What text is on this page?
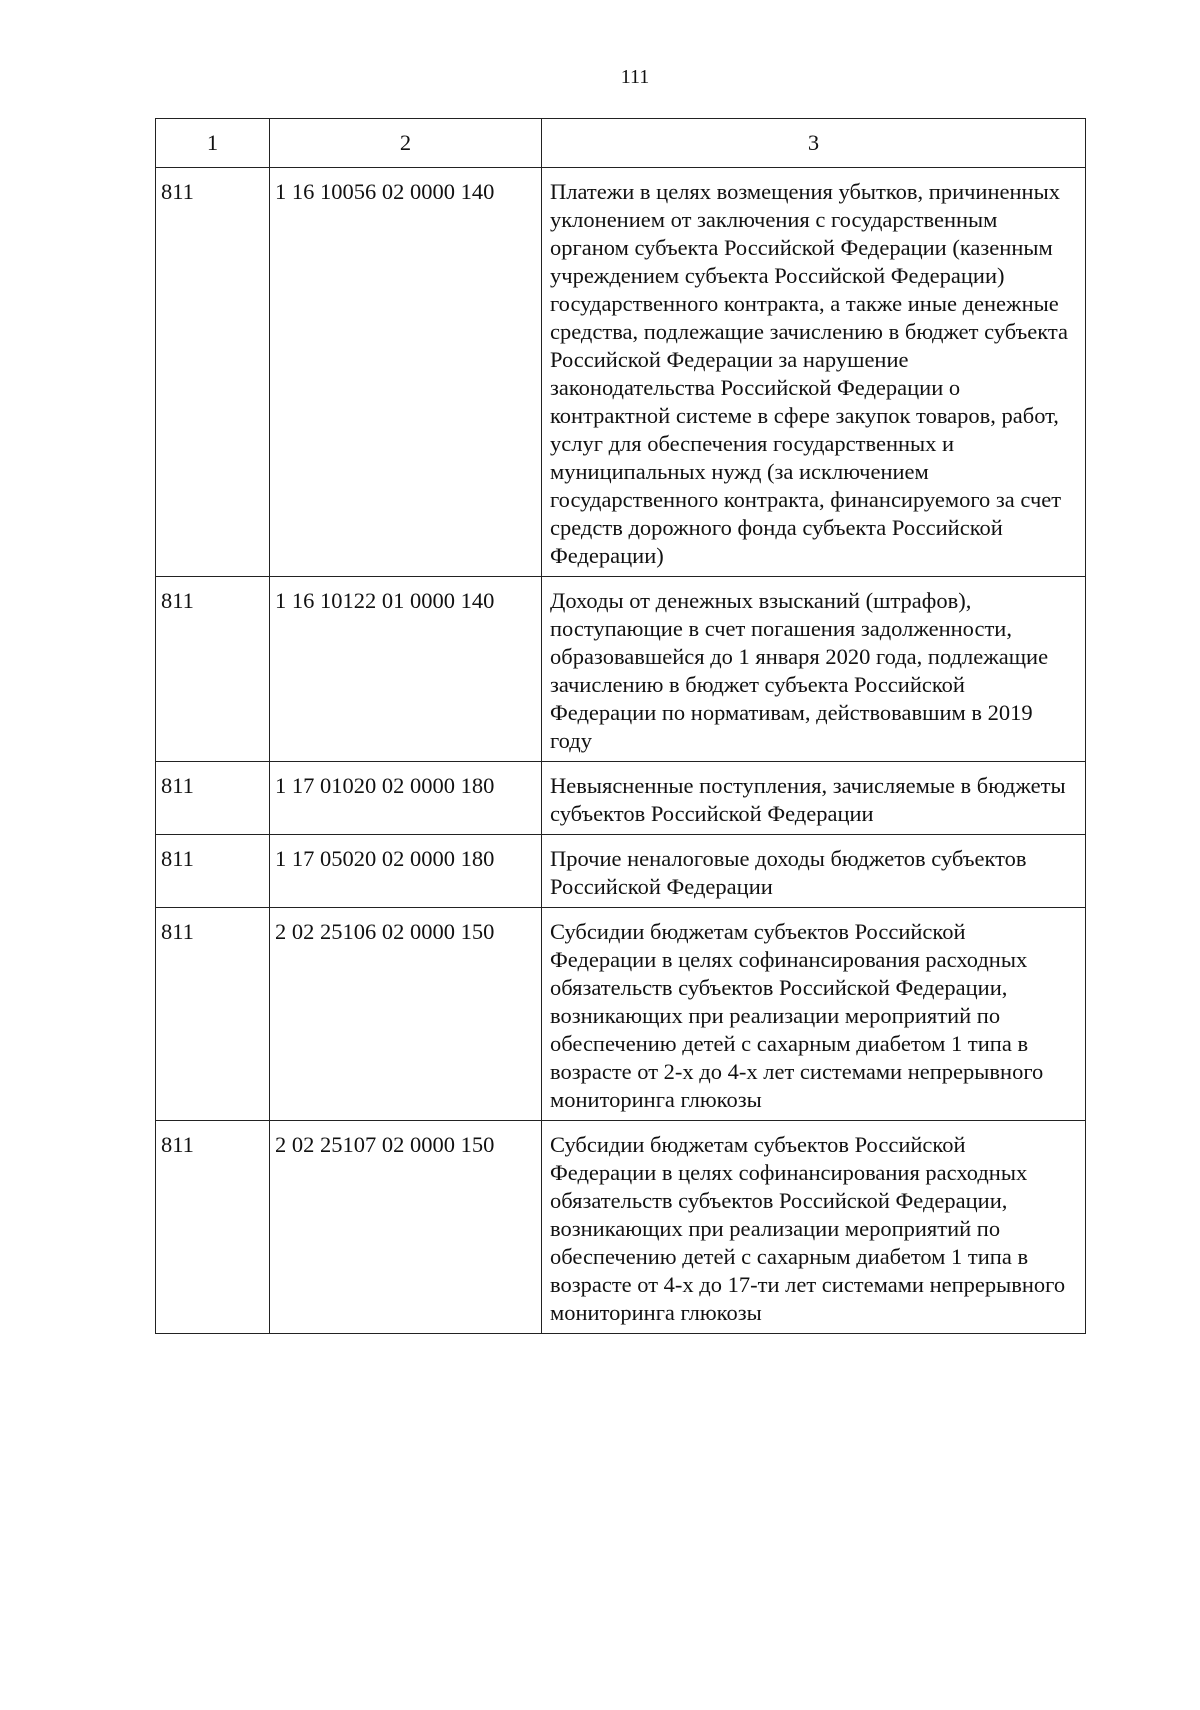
111
1	2	3
811	1 16 10056 02 0000 140	Платежи в целях возмещения убытков, причиненных уклонением от заключения с государственным органом субъекта Российской Федерации (казенным учреждением субъекта Российской Федерации) государственного контракта, а также иные денежные средства, подлежащие зачислению в бюджет субъекта Российской Федерации за нарушение законодательства Российской Федерации о контрактной системе в сфере закупок товаров, работ, услуг для обеспечения государственных и муниципальных нужд (за исключением государственного контракта, финансируемого за счет средств дорожного фонда субъекта Российской Федерации)

811	1 16 10122 01 0000 140	Доходы от денежных взысканий (штрафов), поступающие в счет погашения задолженности, образовавшейся до 1 января 2020 года, подлежащие зачислению в бюджет субъекта Российской Федерации по нормативам, действовавшим в 2019 году

811	1 17 01020 02 0000 180	Невыясненные поступления, зачисляемые в бюджеты субъектов Российской Федерации

811	1 17 05020 02 0000 180	Прочие неналоговые доходы бюджетов субъектов Российской Федерации

811	2 02 25106 02 0000 150	Субсидии бюджетам субъектов Российской Федерации в целях софинансирования расходных обязательств субъектов Российской Федерации, возникающих при реализации мероприятий по обеспечению детей с сахарным диабетом 1 типа в возрасте от 2-х до 4-х лет системами непрерывного мониторинга глюкозы

811	2 02 25107 02 0000 150	Субсидии бюджетам субъектов Российской Федерации в целях софинансирования расходных обязательств субъектов Российской Федерации, возникающих при реализации мероприятий по обеспечению детей с сахарным диабетом 1 типа в возрасте от 4-х до 17-ти лет системами непрерывного мониторинга глюкозы
